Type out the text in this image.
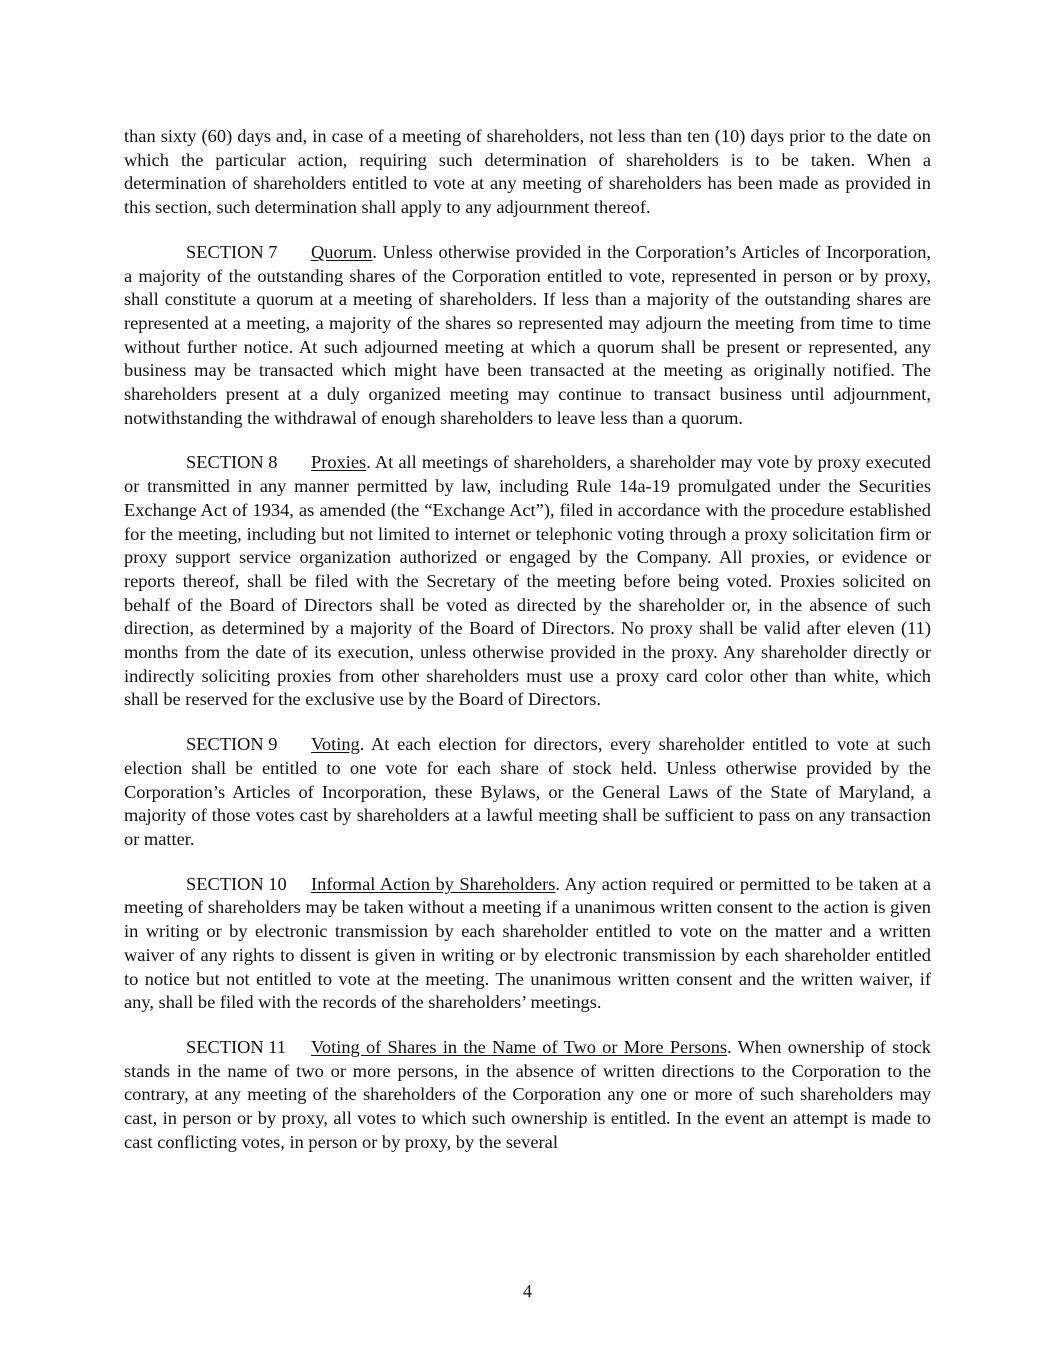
than sixty (60) days and, in case of a meeting of shareholders, not less than ten (10) days prior to the date on which the particular action, requiring such determination of shareholders is to be taken. When a determination of shareholders entitled to vote at any meeting of shareholders has been made as provided in this section, such determination shall apply to any adjournment thereof.

SECTION 7 Quorum. Unless otherwise provided in the Corporation’s Articles of Incorporation, a majority of the outstanding shares of the Corporation entitled to vote, represented in person or by proxy, shall constitute a quorum at a meeting of shareholders. If less than a majority of the outstanding shares are represented at a meeting, a majority of the shares so represented may adjourn the meeting from time to time without further notice. At such adjourned meeting at which a quorum shall be present or represented, any business may be transacted which might have been transacted at the meeting as originally notified. The shareholders present at a duly organized meeting may continue to transact business until adjournment, notwithstanding the withdrawal of enough shareholders to leave less than a quorum.

SECTION 8 Proxies. At all meetings of shareholders, a shareholder may vote by proxy executed or transmitted in any manner permitted by law, including Rule 14a-19 promulgated under the Securities Exchange Act of 1934, as amended (the “Exchange Act”), filed in accordance with the procedure established for the meeting, including but not limited to internet or telephonic voting through a proxy solicitation firm or proxy support service organization authorized or engaged by the Company. All proxies, or evidence or reports thereof, shall be filed with the Secretary of the meeting before being voted. Proxies solicited on behalf of the Board of Directors shall be voted as directed by the shareholder or, in the absence of such direction, as determined by a majority of the Board of Directors. No proxy shall be valid after eleven (11) months from the date of its execution, unless otherwise provided in the proxy. Any shareholder directly or indirectly soliciting proxies from other shareholders must use a proxy card color other than white, which shall be reserved for the exclusive use by the Board of Directors.

SECTION 9 Voting. At each election for directors, every shareholder entitled to vote at such election shall be entitled to one vote for each share of stock held. Unless otherwise provided by the Corporation’s Articles of Incorporation, these Bylaws, or the General Laws of the State of Maryland, a majority of those votes cast by shareholders at a lawful meeting shall be sufficient to pass on any transaction or matter.

SECTION 10 Informal Action by Shareholders. Any action required or permitted to be taken at a meeting of shareholders may be taken without a meeting if a unanimous written consent to the action is given in writing or by electronic transmission by each shareholder entitled to vote on the matter and a written waiver of any rights to dissent is given in writing or by electronic transmission by each shareholder entitled to notice but not entitled to vote at the meeting. The unanimous written consent and the written waiver, if any, shall be filed with the records of the shareholders’ meetings.

SECTION 11 Voting of Shares in the Name of Two or More Persons. When ownership of stock stands in the name of two or more persons, in the absence of written directions to the Corporation to the contrary, at any meeting of the shareholders of the Corporation any one or more of such shareholders may cast, in person or by proxy, all votes to which such ownership is entitled. In the event an attempt is made to cast conflicting votes, in person or by proxy, by the several

4
